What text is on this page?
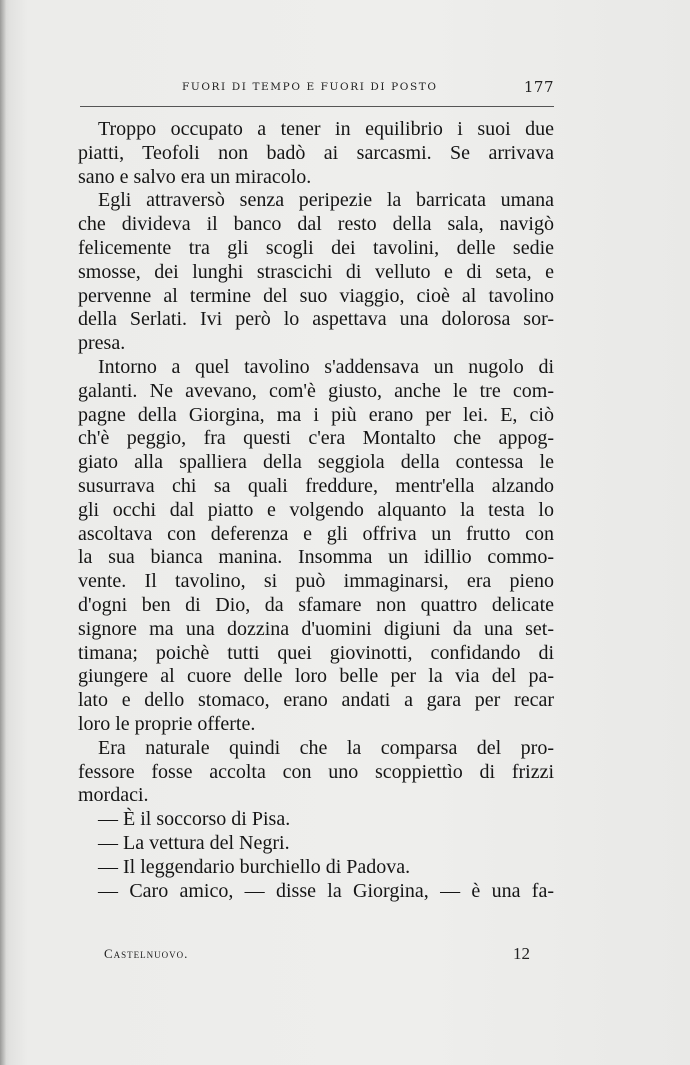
FUORI DI TEMPO E FUORI DI POSTO	177
Troppo occupato a tener in equilibrio i suoi due
piatti, Teofoli non badò ai sarcasmi. Se arrivava
sano e salvo era un miracolo.
Egli attraversò senza peripezie la barricata umana
che divideva il banco dal resto della sala, navigò
felicemente tra gli scogli dei tavolini, delle sedie
smosse, dei lunghi strascichi di velluto e di seta, e
pervenne al termine del suo viaggio, cioè al tavolino
della Serlati. Ivi però lo aspettava una dolorosa sor-
presa.
Intorno a quel tavolino s'addensava un nugolo di
galanti. Ne avevano, com'è giusto, anche le tre com-
pagne della Giorgina, ma i più erano per lei. E, ciò
ch'è peggio, fra questi c'era Montalto che appog-
giato alla spalliera della seggiola della contessa le
susurrava chi sa quali freddure, mentr'ella alzando
gli occhi dal piatto e volgendo alquanto la testa lo
ascoltava con deferenza e gli offriva un frutto con
la sua bianca manina. Insomma un idillio commo-
vente. Il tavolino, si può immaginarsi, era pieno
d'ogni ben di Dio, da sfamare non quattro delicate
signore ma una dozzina d'uomini digiuni da una set-
timana; poichè tutti quei giovinotti, confidando di
giungere al cuore delle loro belle per la via del pa-
lato e dello stomaco, erano andati a gara per recar
loro le proprie offerte.
Era naturale quindi che la comparsa del pro-
fessore fosse accolta con uno scoppiettìo di frizzi
mordaci.
— È il soccorso di Pisa.
— La vettura del Negri.
— Il leggendario burchiello di Padova.
— Caro amico, — disse la Giorgina, — è una fa-
Castelnuovo.	12
